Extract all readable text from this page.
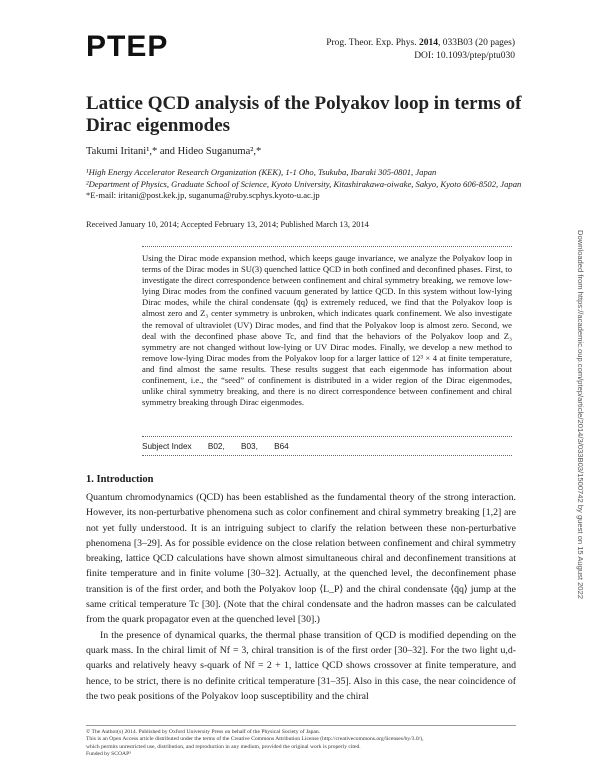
PTEP	Prog. Theor. Exp. Phys. 2014, 033B03 (20 pages)
DOI: 10.1093/ptep/ptu030
Lattice QCD analysis of the Polyakov loop in terms of Dirac eigenmodes
Takumi Iritani¹,* and Hideo Suganuma²,*
¹High Energy Accelerator Research Organization (KEK), 1-1 Oho, Tsukuba, Ibaraki 305-0801, Japan
²Department of Physics, Graduate School of Science, Kyoto University, Kitashirakawa-oiwake, Sakyo, Kyoto 606-8502, Japan
*E-mail: iritani@post.kek.jp, suganuma@ruby.scphys.kyoto-u.ac.jp
Received January 10, 2014; Accepted February 13, 2014; Published March 13, 2014
Using the Dirac mode expansion method, which keeps gauge invariance, we analyze the Polyakov loop in terms of the Dirac modes in SU(3) quenched lattice QCD in both confined and deconfined phases. First, to investigate the direct correspondence between confinement and chiral symmetry breaking, we remove low-lying Dirac modes from the confined vacuum generated by lattice QCD. In this system without low-lying Dirac modes, while the chiral condensate ⟨q̄q⟩ is extremely reduced, we find that the Polyakov loop is almost zero and Z₃ center symmetry is unbroken, which indicates quark confinement. We also investigate the removal of ultraviolet (UV) Dirac modes, and find that the Polyakov loop is almost zero. Second, we deal with the deconfined phase above Tc, and find that the behaviors of the Polyakov loop and Z₃ symmetry are not changed without low-lying or UV Dirac modes. Finally, we develop a new method to remove low-lying Dirac modes from the Polyakov loop for a larger lattice of 12³ × 4 at finite temperature, and find almost the same results. These results suggest that each eigenmode has information about confinement, i.e., the “seed” of confinement is distributed in a wider region of the Dirac eigenmodes, unlike chiral symmetry breaking, and there is no direct correspondence between confinement and chiral symmetry breaking through Dirac eigenmodes.
Subject Index B02, B03, B64
1. Introduction

Quantum chromodynamics (QCD) has been established as the fundamental theory of the strong interaction. However, its non-perturbative phenomena such as color confinement and chiral symmetry breaking [1,2] are not yet fully understood. It is an intriguing subject to clarify the relation between these non-perturbative phenomena [3–29]. As for possible evidence on the close relation between confinement and chiral symmetry breaking, lattice QCD calculations have shown almost simultaneous chiral and deconfinement transitions at finite temperature and in finite volume [30–32]. Actually, at the quenched level, the deconfinement phase transition is of the first order, and both the Polyakov loop ⟨L_P⟩ and the chiral condensate ⟨q̄q⟩ jump at the same critical temperature Tc [30]. (Note that the chiral condensate and the hadron masses can be calculated from the quark propagator even at the quenched level [30].)

In the presence of dynamical quarks, the thermal phase transition of QCD is modified depending on the quark mass. In the chiral limit of Nf = 3, chiral transition is of the first order [30–32]. For the two light u,d-quarks and relatively heavy s-quark of Nf = 2 + 1, lattice QCD shows crossover at finite temperature, and hence, to be strict, there is no definite critical temperature [31–35]. Also in this case, the near coincidence of the two peak positions of the Polyakov loop susceptibility and the chiral

© The Author(s) 2014. Published by Oxford University Press on behalf of the Physical Society of Japan.
This is an Open Access article distributed under the terms of the Creative Commons Attribution License (http://creativecommons.org/licenses/by/3.0/),
which permits unrestricted use, distribution, and reproduction in any medium, provided the original work is properly cited.
Funded by SCOAP³
Downloaded from https://academic.oup.com/ptep/article/2014/3/033B03/1500742 by guest on 15 August 2022
